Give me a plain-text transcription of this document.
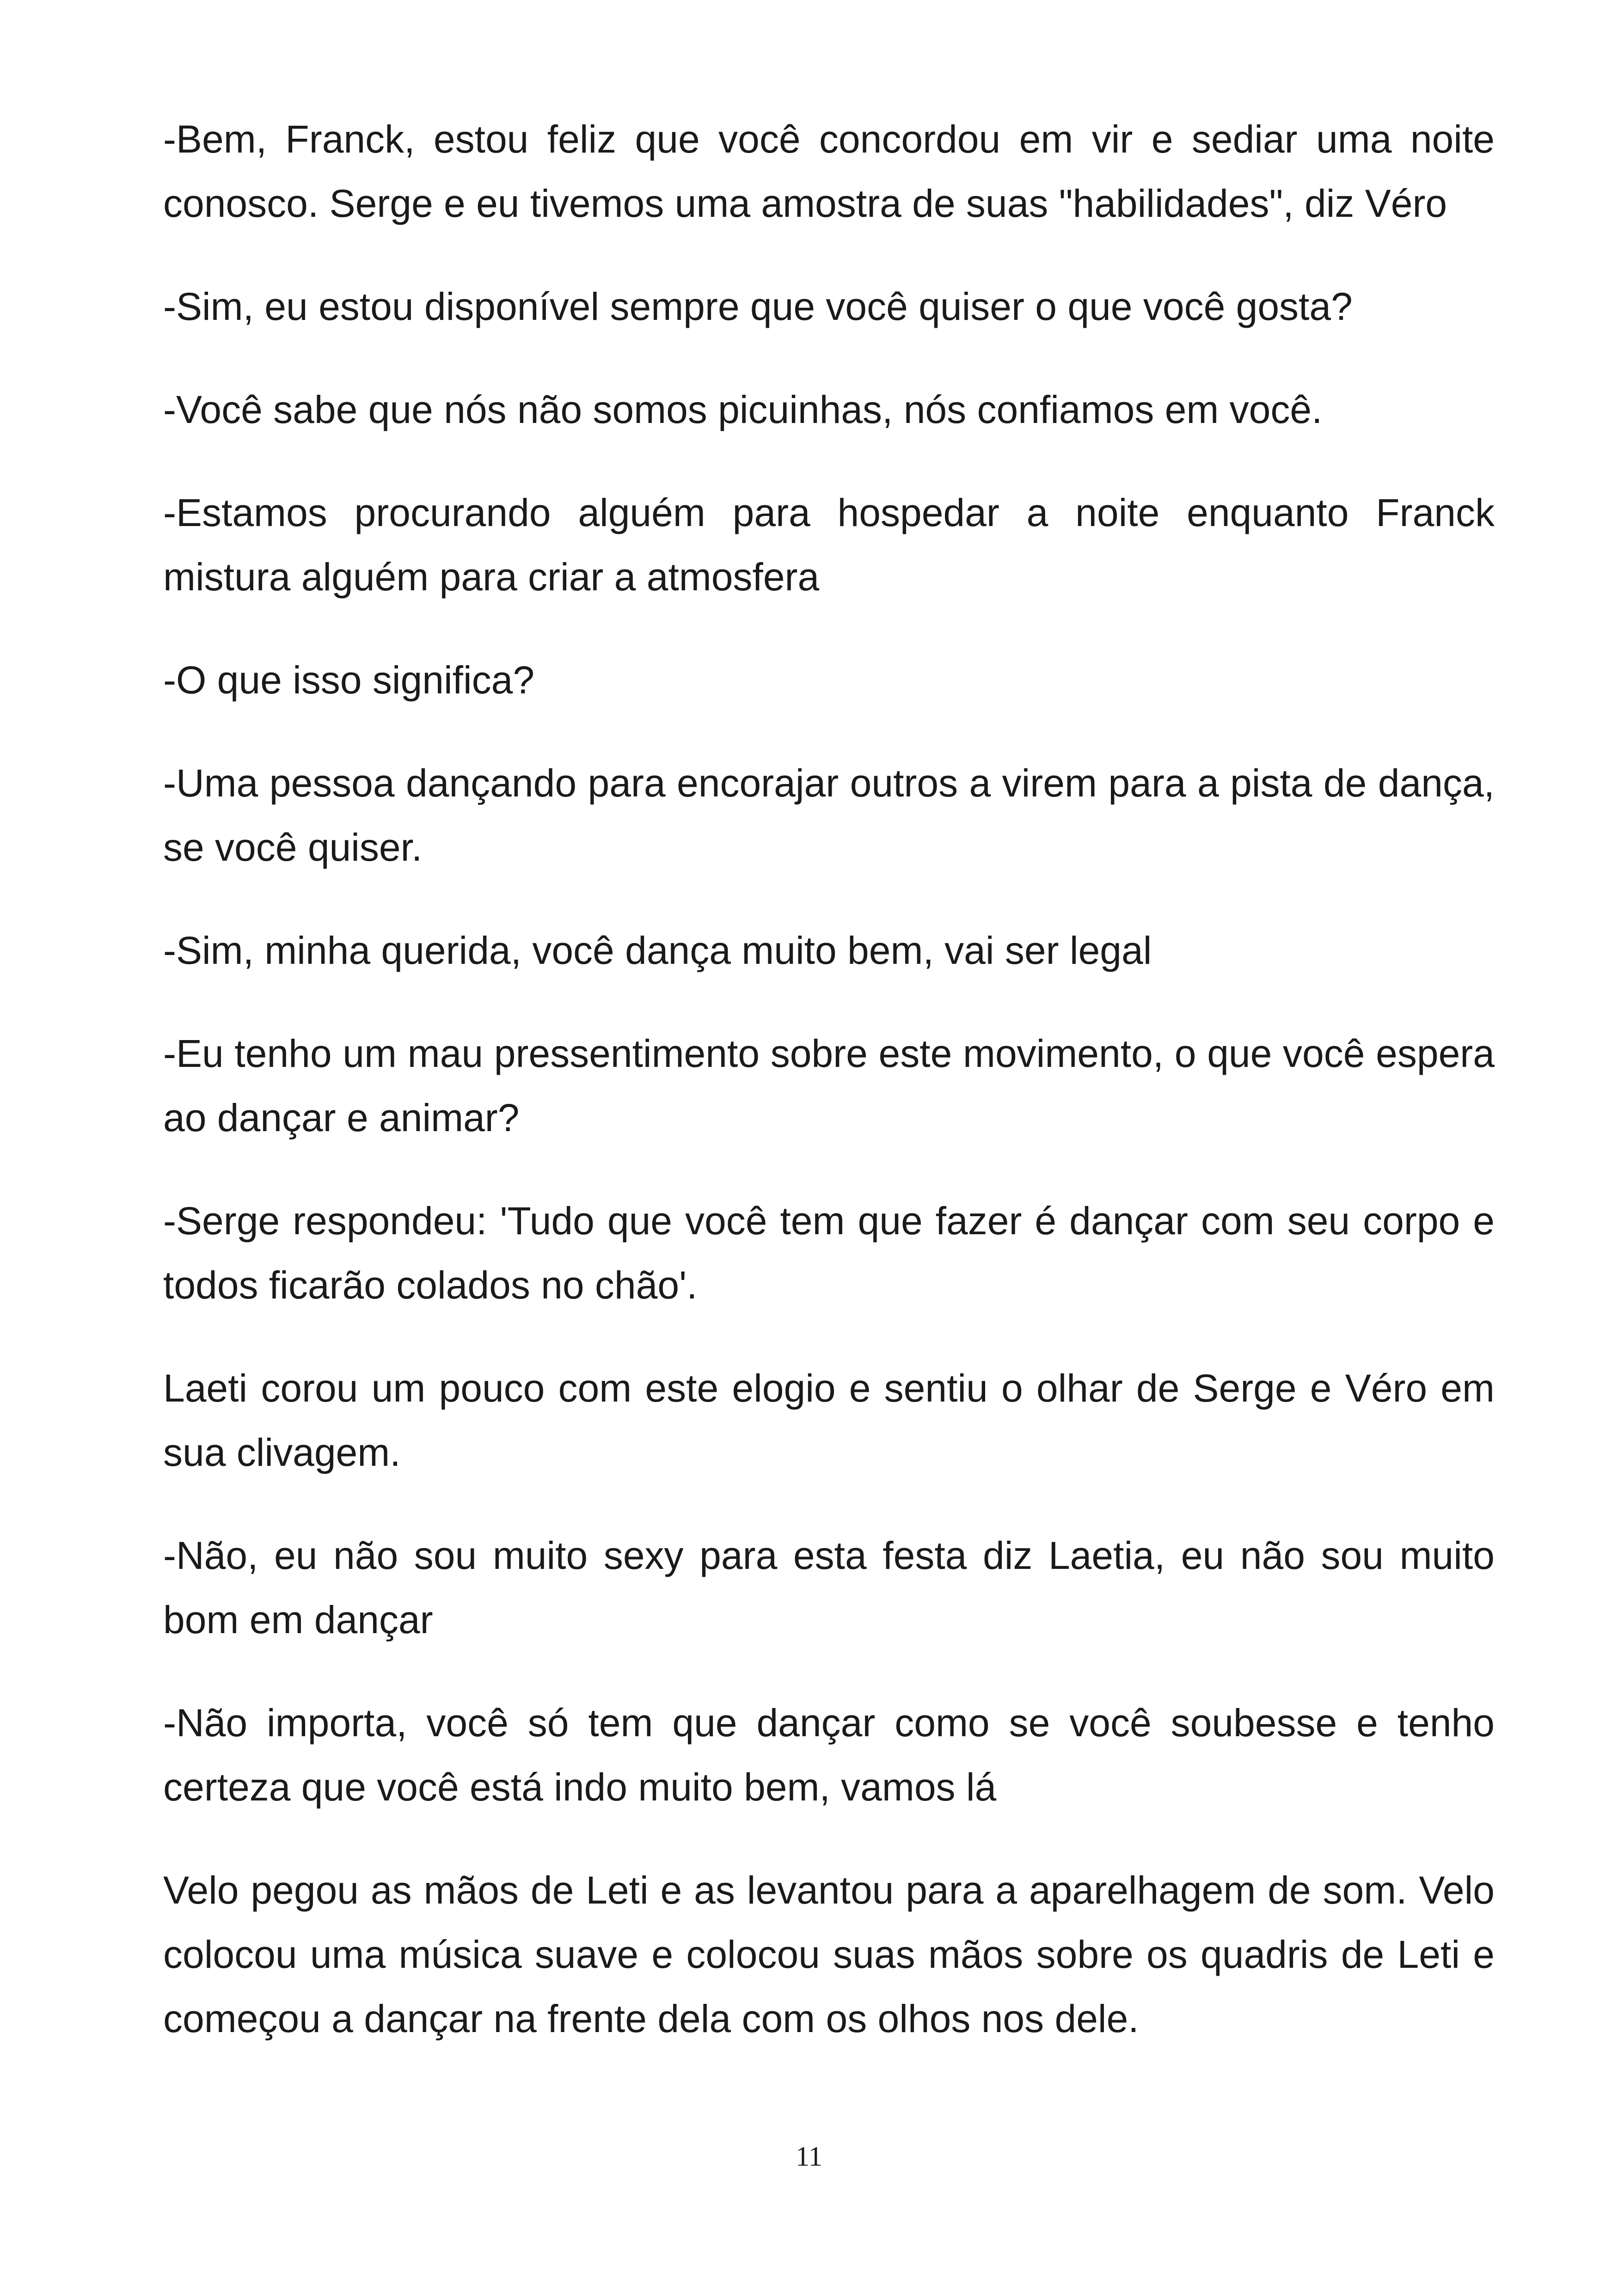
-Bem, Franck, estou feliz que você concordou em vir e sediar uma noite conosco. Serge e eu tivemos uma amostra de suas "habilidades", diz Véro

-Sim, eu estou disponível sempre que você quiser o que você gosta?

-Você sabe que nós não somos picuinhas, nós confiamos em você.

-Estamos procurando alguém para hospedar a noite enquanto Franck mistura alguém para criar a atmosfera

-O que isso significa?

-Uma pessoa dançando para encorajar outros a virem para a pista de dança, se você quiser.

-Sim, minha querida, você dança muito bem, vai ser legal

-Eu tenho um mau pressentimento sobre este movimento, o que você espera ao dançar e animar?

-Serge respondeu: 'Tudo que você tem que fazer é dançar com seu corpo e todos ficarão colados no chão'.

Laeti corou um pouco com este elogio e sentiu o olhar de Serge e Véro em sua clivagem.

-Não, eu não sou muito sexy para esta festa diz Laetia, eu não sou muito bom em dançar

-Não importa, você só tem que dançar como se você soubesse e tenho certeza que você está indo muito bem, vamos lá

Velo pegou as mãos de Leti e as levantou para a aparelhagem de som. Velo colocou uma música suave e colocou suas mãos sobre os quadris de Leti e começou a dançar na frente dela com os olhos nos dele.

11
